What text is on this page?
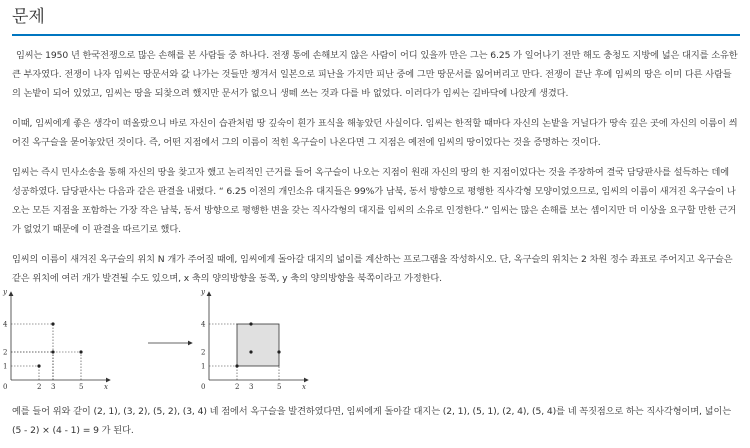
문제

임씨는 1950 년 한국전쟁으로 많은 손해를 본 사람들 중 하나다. 전쟁 통에 손해보지 않은 사람이 어디 있을까 만은 그는 6.25 가 일어나기 전만 해도 충청도 지방에 넓은 대지를 소유한 큰 부자였다. 전쟁이 나자 임씨는 땅문서와 값 나가는 것들만 챙겨서 일본으로 피난을 가지만 피난 중에 그만 땅문서를 잃어버리고 만다. 전쟁이 끝난 후에 임씨의 땅은 이미 다른 사람들의 논밭이 되어 있었고, 임씨는 땅을 되찾으려 했지만 문서가 없으니 생떼 쓰는 것과 다를 바 없었다. 이러다가 임씨는 길바닥에 나앉게 생겼다.

이때, 임씨에게 좋은 생각이 떠올랐으니 바로 자신이 습관처럼 땅 깊숙이 흰가 표식을 해놓았던 사실이다. 임씨는 한적할 때마다 자신의 논밭을 거닐다가 땅속 깊은 곳에 자신의 이름이 씌어진 옥구슬을 묻어놓았던 것이다. 즉, 어떤 지점에서 그의 이름이 적힌 옥구슬이 나온다면 그 지점은 예전에 임씨의 땅이었다는 것을 증명하는 것이다.

임씨는 즉시 민사소송을 통해 자신의 땅을 찾고자 했고 논리적인 근거를 들어 옥구슬이 나오는 지점이 원래 자신의 땅의 한 지점이었다는 것을 주장하여 결국 담당판사를 설득하는 데에 성공하였다. 담당판사는 다음과 같은 판결을 내렸다. “ 6.25 이전의 개인소유 대지들은 99%가 남북, 동서 방향으로 평행한 직사각형 모양이었으므로, 임씨의 이름이 새겨진 옥구슬이 나오는 모든 지점을 포함하는 가장 작은 남북, 동서 방향으로 평행한 변을 갖는 직사각형의 대지를 임씨의 소유로 인정한다.” 임씨는 많은 손해를 보는 셈이지만 더 이상을 요구할 만한 근거가 없었기 때문에 이 판결을 따르기로 했다.

임씨의 이름이 새겨진 옥구슬의 위치 N 개가 주어질 때에, 임씨에게 돌아갈 대지의 넓이를 계산하는 프로그램을 작성하시오. 단, 옥구슬의 위치는 2 차원 정수 좌표로 주어지고 옥구슬은 같은 위치에 여러 개가 발견될 수도 있으며, x 축의 양의방향을 동쪽, y 축의 양의방향을 북쪽이라고 가정한다.

x
y
0	2 3	5
1
2
4
x
y
0	2 3	5
1
2
4

예를 들어 위와 같이 (2, 1), (3, 2), (5, 2), (3, 4) 네 점에서 옥구슬을 발견하였다면, 임씨에게 돌아갈 대지는 (2, 1), (5, 1), (2, 4), (5, 4)를 네 꼭짓점으로 하는 직사각형이며, 넓이는 (5 - 2) × (4 - 1) = 9 가 된다.
